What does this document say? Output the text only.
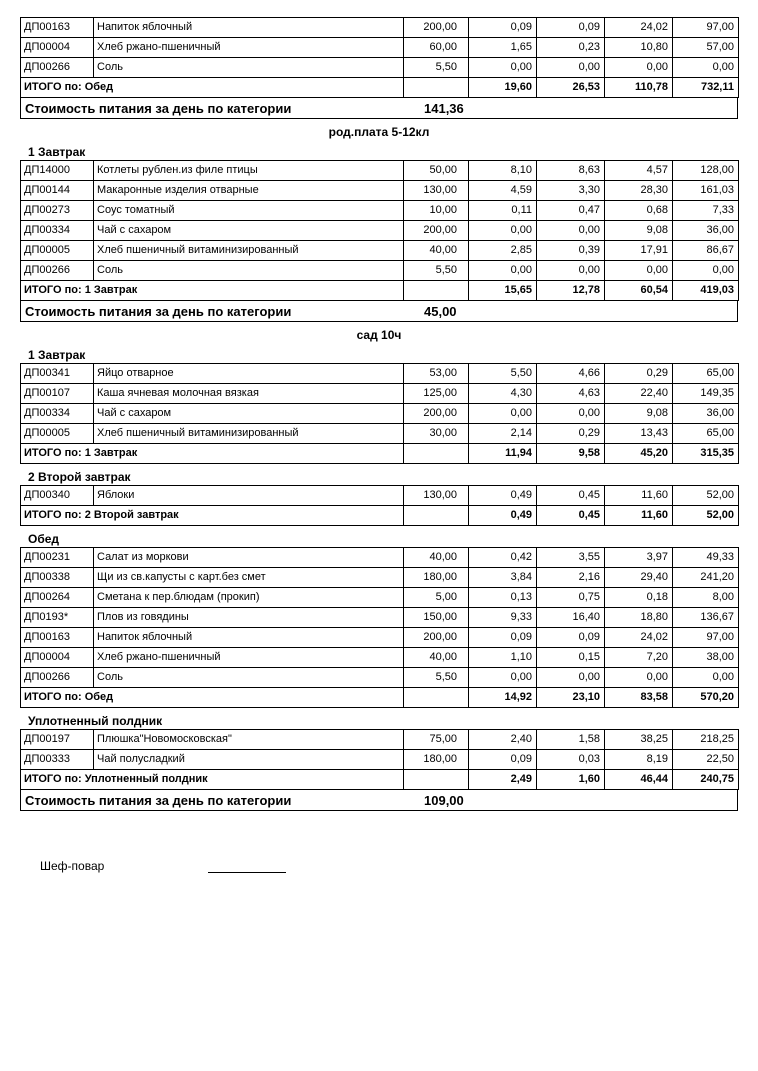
ДП00163	Напиток яблочный	200,00	0,09	0,09	24,02	97,00
ДП00004	Хлеб ржано-пшеничный	60,00	1,65	0,23	10,80	57,00
ДП00266	Соль	5,50	0,00	0,00	0,00	0,00
ИТОГО по: Обед			19,60	26,53	110,78	732,11
Стоимость питания за день по категории	141,36
род.плата 5-12кл
1 Завтрак
ДП14000	Котлеты рублен.из филе птицы	50,00	8,10	8,63	4,57	128,00
ДП00144	Макаронные изделия отварные	130,00	4,59	3,30	28,30	161,03
ДП00273	Соус томатный	10,00	0,11	0,47	0,68	7,33
ДП00334	Чай с сахаром	200,00	0,00	0,00	9,08	36,00
ДП00005	Хлеб пшеничный витаминизированный	40,00	2,85	0,39	17,91	86,67
ДП00266	Соль	5,50	0,00	0,00	0,00	0,00
ИТОГО по: 1 Завтрак			15,65	12,78	60,54	419,03
Стоимость питания за день по категории	45,00
сад 10ч
1 Завтрак
ДП00341	Яйцо отварное	53,00	5,50	4,66	0,29	65,00
ДП00107	Каша ячневая молочная вязкая	125,00	4,30	4,63	22,40	149,35
ДП00334	Чай с сахаром	200,00	0,00	0,00	9,08	36,00
ДП00005	Хлеб пшеничный витаминизированный	30,00	2,14	0,29	13,43	65,00
ИТОГО по: 1 Завтрак			11,94	9,58	45,20	315,35
2 Второй завтрак
ДП00340	Яблоки	130,00	0,49	0,45	11,60	52,00
ИТОГО по: 2 Второй завтрак			0,49	0,45	11,60	52,00
Обед
ДП00231	Салат из моркови	40,00	0,42	3,55	3,97	49,33
ДП00338	Щи из св.капусты с карт.без смет	180,00	3,84	2,16	29,40	241,20
ДП00264	Сметана к пер.блюдам (прокип)	5,00	0,13	0,75	0,18	8,00
ДП0193*	Плов из говядины	150,00	9,33	16,40	18,80	136,67
ДП00163	Напиток яблочный	200,00	0,09	0,09	24,02	97,00
ДП00004	Хлеб ржано-пшеничный	40,00	1,10	0,15	7,20	38,00
ДП00266	Соль	5,50	0,00	0,00	0,00	0,00
ИТОГО по: Обед			14,92	23,10	83,58	570,20
Уплотненный полдник
ДП00197	Плюшка"Новомосковская"	75,00	2,40	1,58	38,25	218,25
ДП00333	Чай полусладкий	180,00	0,09	0,03	8,19	22,50
ИТОГО по: Уплотненный полдник			2,49	1,60	46,44	240,75
Стоимость питания за день по категории	109,00
Шеф-повар
